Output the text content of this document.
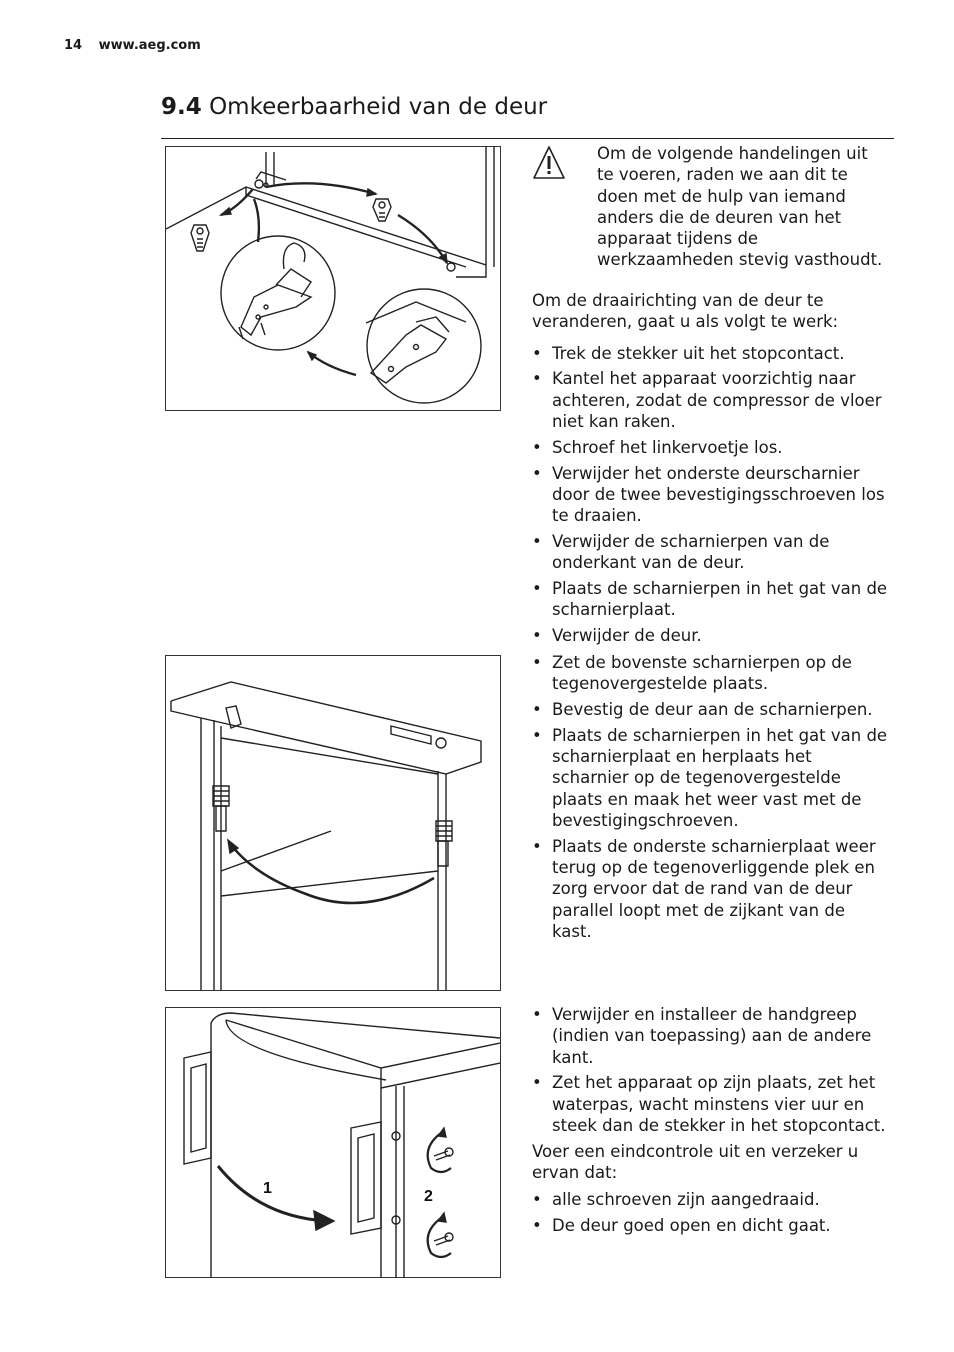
14 www.aeg.com
9.4 Omkeerbaarheid van de deur
1	2
Om de volgende handelingen uit te voeren, raden we aan dit te doen met de hulp van iemand anders die de deuren van het apparaat tijdens de werkzaamheden stevig vasthoudt.

Om de draairichting van de deur te veranderen, gaat u als volgt te werk:

• Trek de stekker uit het stopcontact.
• Kantel het apparaat voorzichtig naar achteren, zodat de compressor de vloer niet kan raken.
• Schroef het linkervoetje los.
• Verwijder het onderste deurscharnier door de twee bevestigingsschroeven los te draaien.
• Verwijder de scharnierpen van de onderkant van de deur.
• Plaats de scharnierpen in het gat van de scharnierplaat.
• Verwijder de deur.
• Zet de bovenste scharnierpen op de tegenovergestelde plaats.
• Bevestig de deur aan de scharnierpen.
• Plaats de scharnierpen in het gat van de scharnierplaat en herplaats het scharnier op de tegenovergestelde plaats en maak het weer vast met de bevestigingschroeven.
• Plaats de onderste scharnierplaat weer terug op de tegenoverliggende plek en zorg ervoor dat de rand van de deur parallel loopt met de zijkant van de kast.
• Verwijder en installeer de handgreep (indien van toepassing) aan de andere kant.
• Zet het apparaat op zijn plaats, zet het waterpas, wacht minstens vier uur en steek dan de stekker in het stopcontact.

Voer een eindcontrole uit en verzeker u ervan dat:

• alle schroeven zijn aangedraaid.
• De deur goed open en dicht gaat.
